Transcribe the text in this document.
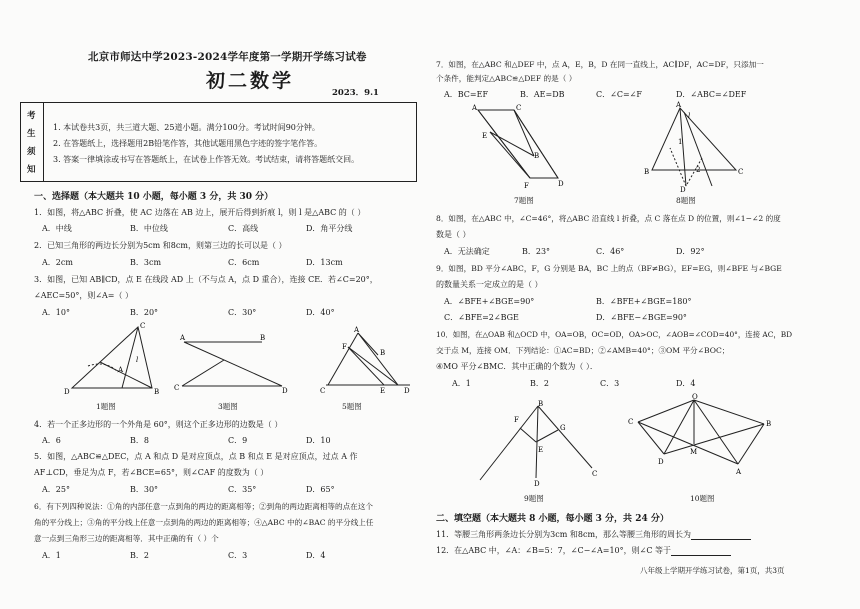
北京市师达中学2023-2024学年度第一学期开学练习试卷
初二数学
2023．9.1
考
生
须
知
1. 本试卷共3页，共三道大题、25道小题。满分100分。考试时间90分钟。
2. 在答题纸上，选择题用2B铅笔作答，其他试题用黑色字迹的签字笔作答。
3. 答案一律填涂或书写在答题纸上，在试卷上作答无效。考试结束，请将答题纸交回。
一、选择题（本大题共 10 小题，每小题 3 分，共 30 分）
1．如图，将△ABC 折叠，使 AC 边落在 AB 边上，展开后得到折痕 l，则 l 是△ABC 的（ ）
A．中线	B．中位线	C．高线	D．角平分线
2．已知三角形的两边长分别为5cm 和8cm，则第三边的长可以是（ ）
A．2cm	B．3cm	C．6cm	D．13cm
3．如图，已知 AB∥CD，点 E 在线段 AD 上（不与点 A，点 D 重合），连接 CE．若∠C=20°，
∠AEC=50°，则∠A=（ ）
A．10°	B．20°	C．30°	D．40°
C
A
D	B
l
1题图
A	B
C	D
3题图
A
F
B
C	E	D
5题图
4．若一个正多边形的一个外角是 60°，则这个正多边形的边数是（ ）
A．6	B．8	C．9	D．10
5．如图，△ABC≌△DEC，点 A 和点 D 是对应顶点，点 B 和点 E 是对应顶点，过点 A 作
AF⊥CD，垂足为点 F，若∠BCE=65°，则∠CAF 的度数为（ ）
A．25°	B．30°	C．35°	D．65°
6．有下列四种说法：①角的内部任意一点到角的两边的距离相等；②到角的两边距离相等的点在这个
角的平分线上；③角的平分线上任意一点到角的两边的距离相等；④△ABC 中的∠BAC 的平分线上任
意一点到三角形三边的距离相等．其中正确的有（ ）个
A．1	B．2	C．3	D．4
7．如图，在△ABC 和△DEF 中，点 A，E，B，D 在同一直线上，AC∥DF，AC=DF，只添加一
个条件，能判定△ABC≌△DEF 的是（ ）
A．BC=EF	B．AE=DB	C．∠C=∠F	D．∠ABC=∠DEF
A	C
E
B
F	D
7题图
A
l
1
B	2	C
D
8题图
8．如图，在△ABC 中，∠C=46°，将△ABC 沿直线 l 折叠，点 C 落在点 D 的位置，则∠1−∠2 的度
数是（ ）
A．无法确定	B．23°	C．46°	D．92°
9．如图，BD 平分∠ABC，F，G 分别是 BA，BC 上的点（BF≠BG），EF=EG，则∠BFE 与∠BGE
的数量关系一定成立的是（ ）
A．∠BFE+∠BGE=90°	B．∠BFE+∠BGE=180°
C．∠BFE=2∠BGE	D．∠BFE−∠BGE=90°
10．如图，在△OAB 和△OCD 中，OA=OB，OC=OD，OA>OC，∠AOB=∠COD=40°，连接 AC，BD
交于点 M，连接 OM．下列结论：①AC=BD；②∠AMB=40°；③OM 平分∠BOC；
④MO 平分∠BMC．其中正确的个数为（ ）．
A．1	B．2	C．3	D．4
B
F
G
E
D
C
9题图
O
C	B
D
M
A
10题图
二、填空题（本大题共 8 小题，每小题 3 分，共 24 分）
11．等腰三角形两条边长分别为3cm 和8cm，那么等腰三角形的周长为
12．在△ABC 中，∠A：∠B=5：7，∠C−∠A=10°，则∠C 等于
八年级上学期开学练习试卷，第1页，共3页
